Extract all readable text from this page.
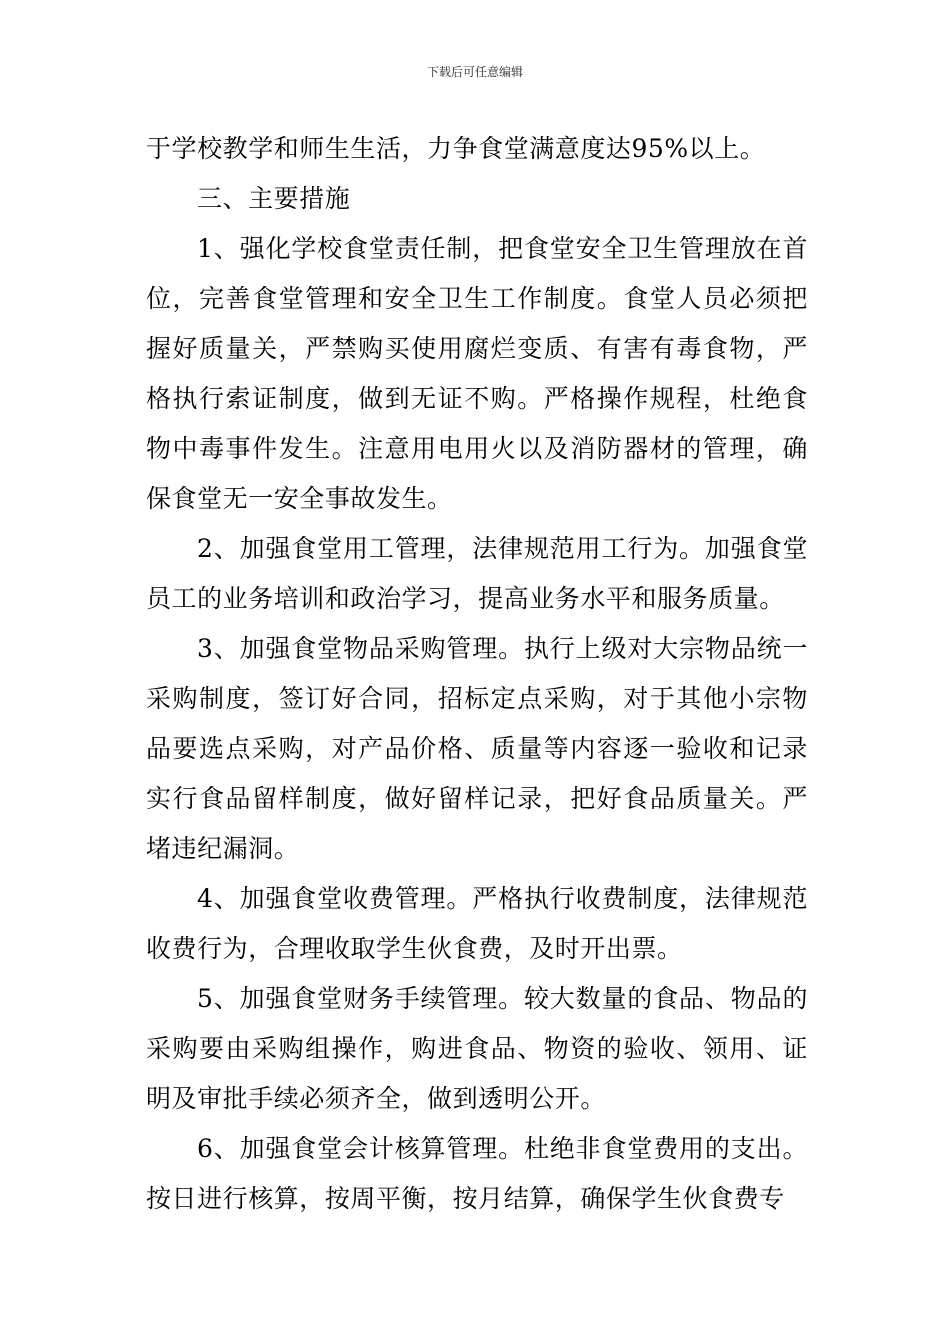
下载后可任意编辑

于学校教学和师生生活，力争食堂满意度达95%以上。

三、主要措施

1、强化学校食堂责任制，把食堂安全卫生管理放在首位，完善食堂管理和安全卫生工作制度。食堂人员必须把握好质量关，严禁购买使用腐烂变质、有害有毒食物，严格执行索证制度，做到无证不购。严格操作规程，杜绝食物中毒事件发生。注意用电用火以及消防器材的管理，确保食堂无一安全事故发生。

2、加强食堂用工管理，法律规范用工行为。加强食堂员工的业务培训和政治学习，提高业务水平和服务质量。

3、加强食堂物品采购管理。执行上级对大宗物品统一采购制度，签订好合同，招标定点采购，对于其他小宗物品要选点采购，对产品价格、质量等内容逐一验收和记录实行食品留样制度，做好留样记录，把好食品质量关。严堵违纪漏洞。

4、加强食堂收费管理。严格执行收费制度，法律规范收费行为，合理收取学生伙食费，及时开出票。

5、加强食堂财务手续管理。较大数量的食品、物品的采购要由采购组操作，购进食品、物资的验收、领用、证明及审批手续必须齐全，做到透明公开。

6、加强食堂会计核算管理。杜绝非食堂费用的支出。按日进行核算，按周平衡，按月结算，确保学生伙食费专
